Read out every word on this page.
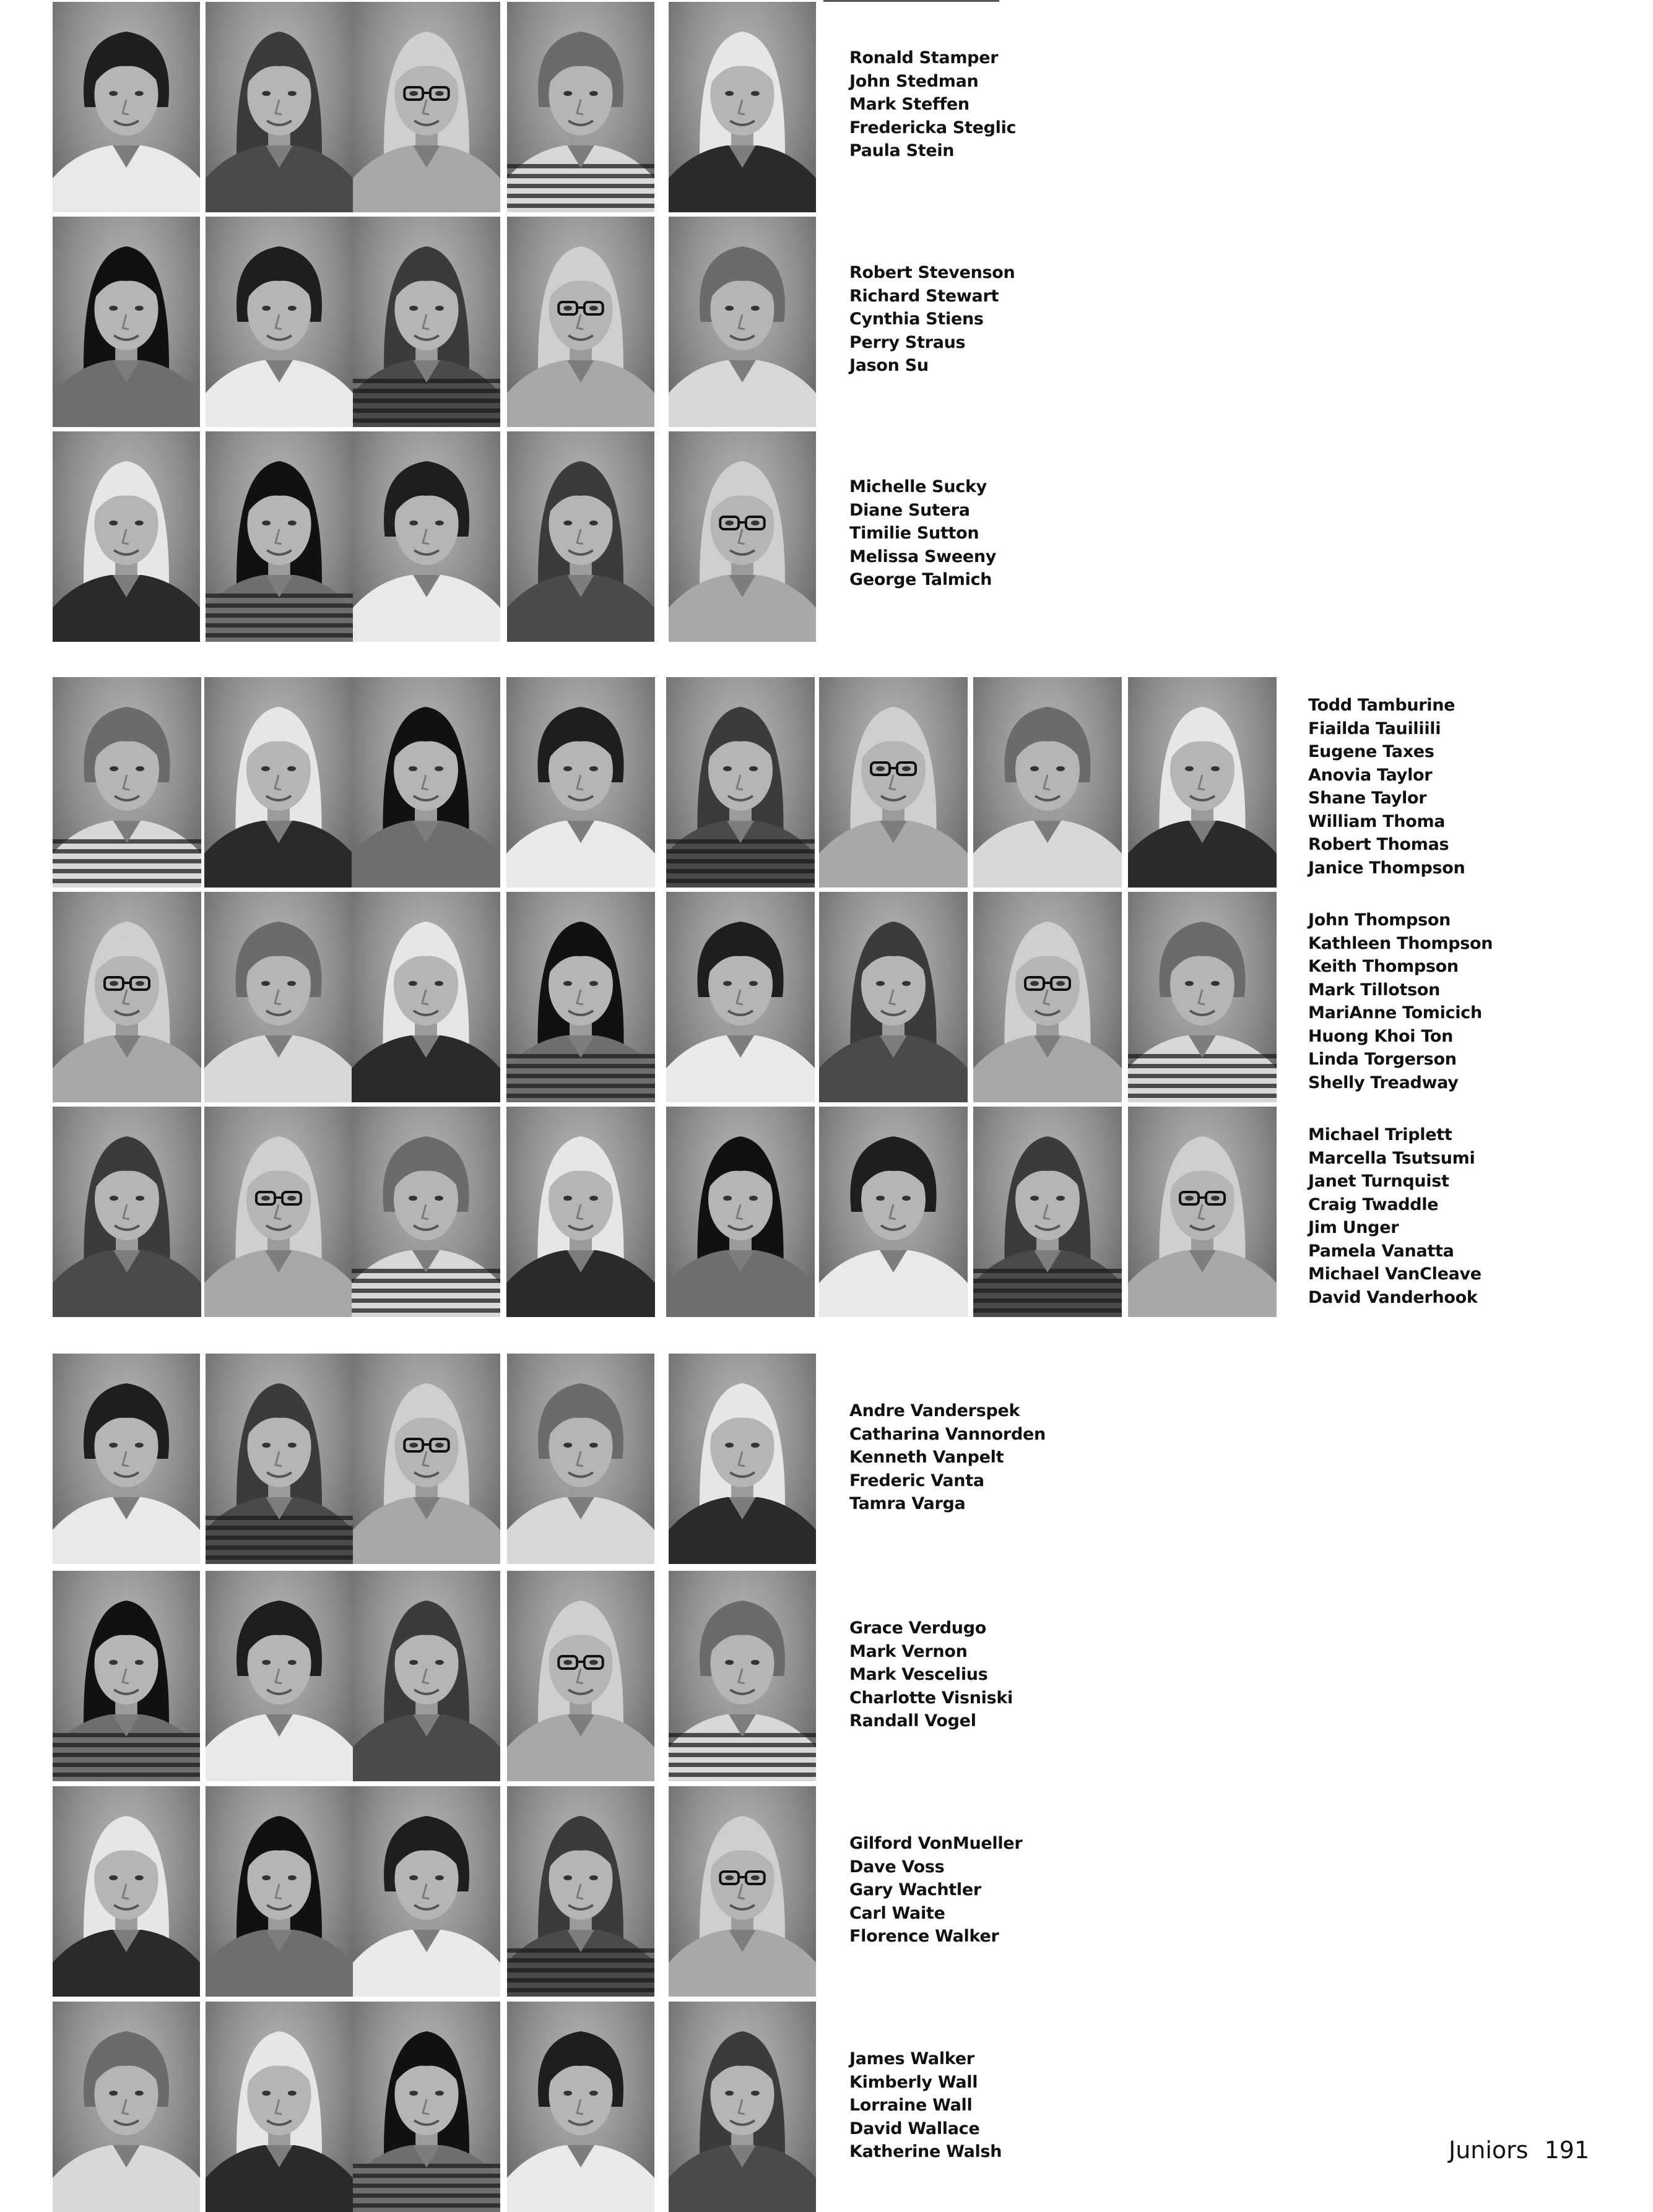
Ronald Stamper
John Stedman
Mark Steffen
Fredericka Steglic
Paula Stein
Robert Stevenson
Richard Stewart
Cynthia Stiens
Perry Straus
Jason Su
Michelle Sucky
Diane Sutera
Timilie Sutton
Melissa Sweeny
George Talmich
Todd Tamburine
Fiailda Tauiliili
Eugene Taxes
Anovia Taylor
Shane Taylor
William Thoma
Robert Thomas
Janice Thompson
John Thompson
Kathleen Thompson
Keith Thompson
Mark Tillotson
MariAnne Tomicich
Huong Khoi Ton
Linda Torgerson
Shelly Treadway
Michael Triplett
Marcella Tsutsumi
Janet Turnquist
Craig Twaddle
Jim Unger
Pamela Vanatta
Michael VanCleave
David Vanderhook
Andre Vanderspek
Catharina Vannorden
Kenneth Vanpelt
Frederic Vanta
Tamra Varga
Grace Verdugo
Mark Vernon
Mark Vescelius
Charlotte Visniski
Randall Vogel
Gilford VonMueller
Dave Voss
Gary Wachtler
Carl Waite
Florence Walker
James Walker
Kimberly Wall
Lorraine Wall
David Wallace
Katherine Walsh	Juniors 191
